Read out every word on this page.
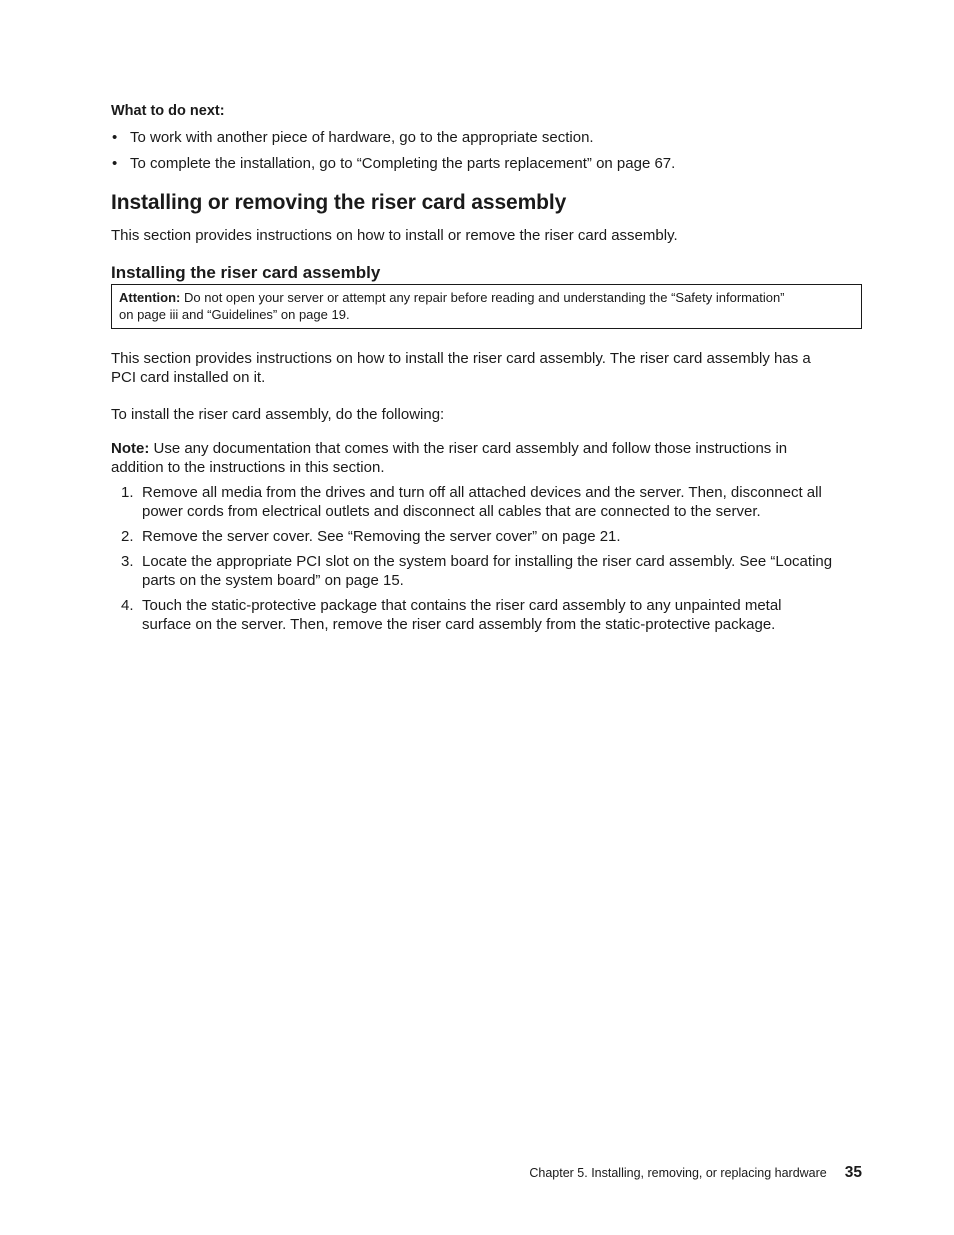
What to do next:
• To work with another piece of hardware, go to the appropriate section.
• To complete the installation, go to “Completing the parts replacement” on page 67.
Installing or removing the riser card assembly

This section provides instructions on how to install or remove the riser card assembly.

Installing the riser card assembly
Attention: Do not open your server or attempt any repair before reading and understanding the “Safety information”
on page iii and “Guidelines” on page 19.

This section provides instructions on how to install the riser card assembly. The riser card assembly has a
PCI card installed on it.

To install the riser card assembly, do the following:

Note: Use any documentation that comes with the riser card assembly and follow those instructions in
addition to the instructions in this section.

1. Remove all media from the drives and turn off all attached devices and the server. Then, disconnect all
power cords from electrical outlets and disconnect all cables that are connected to the server.
2. Remove the server cover. See “Removing the server cover” on page 21.
3. Locate the appropriate PCI slot on the system board for installing the riser card assembly. See “Locating
parts on the system board” on page 15.
4. Touch the static-protective package that contains the riser card assembly to any unpainted metal
surface on the server. Then, remove the riser card assembly from the static-protective package.
Chapter 5. Installing, removing, or replacing hardware 35
